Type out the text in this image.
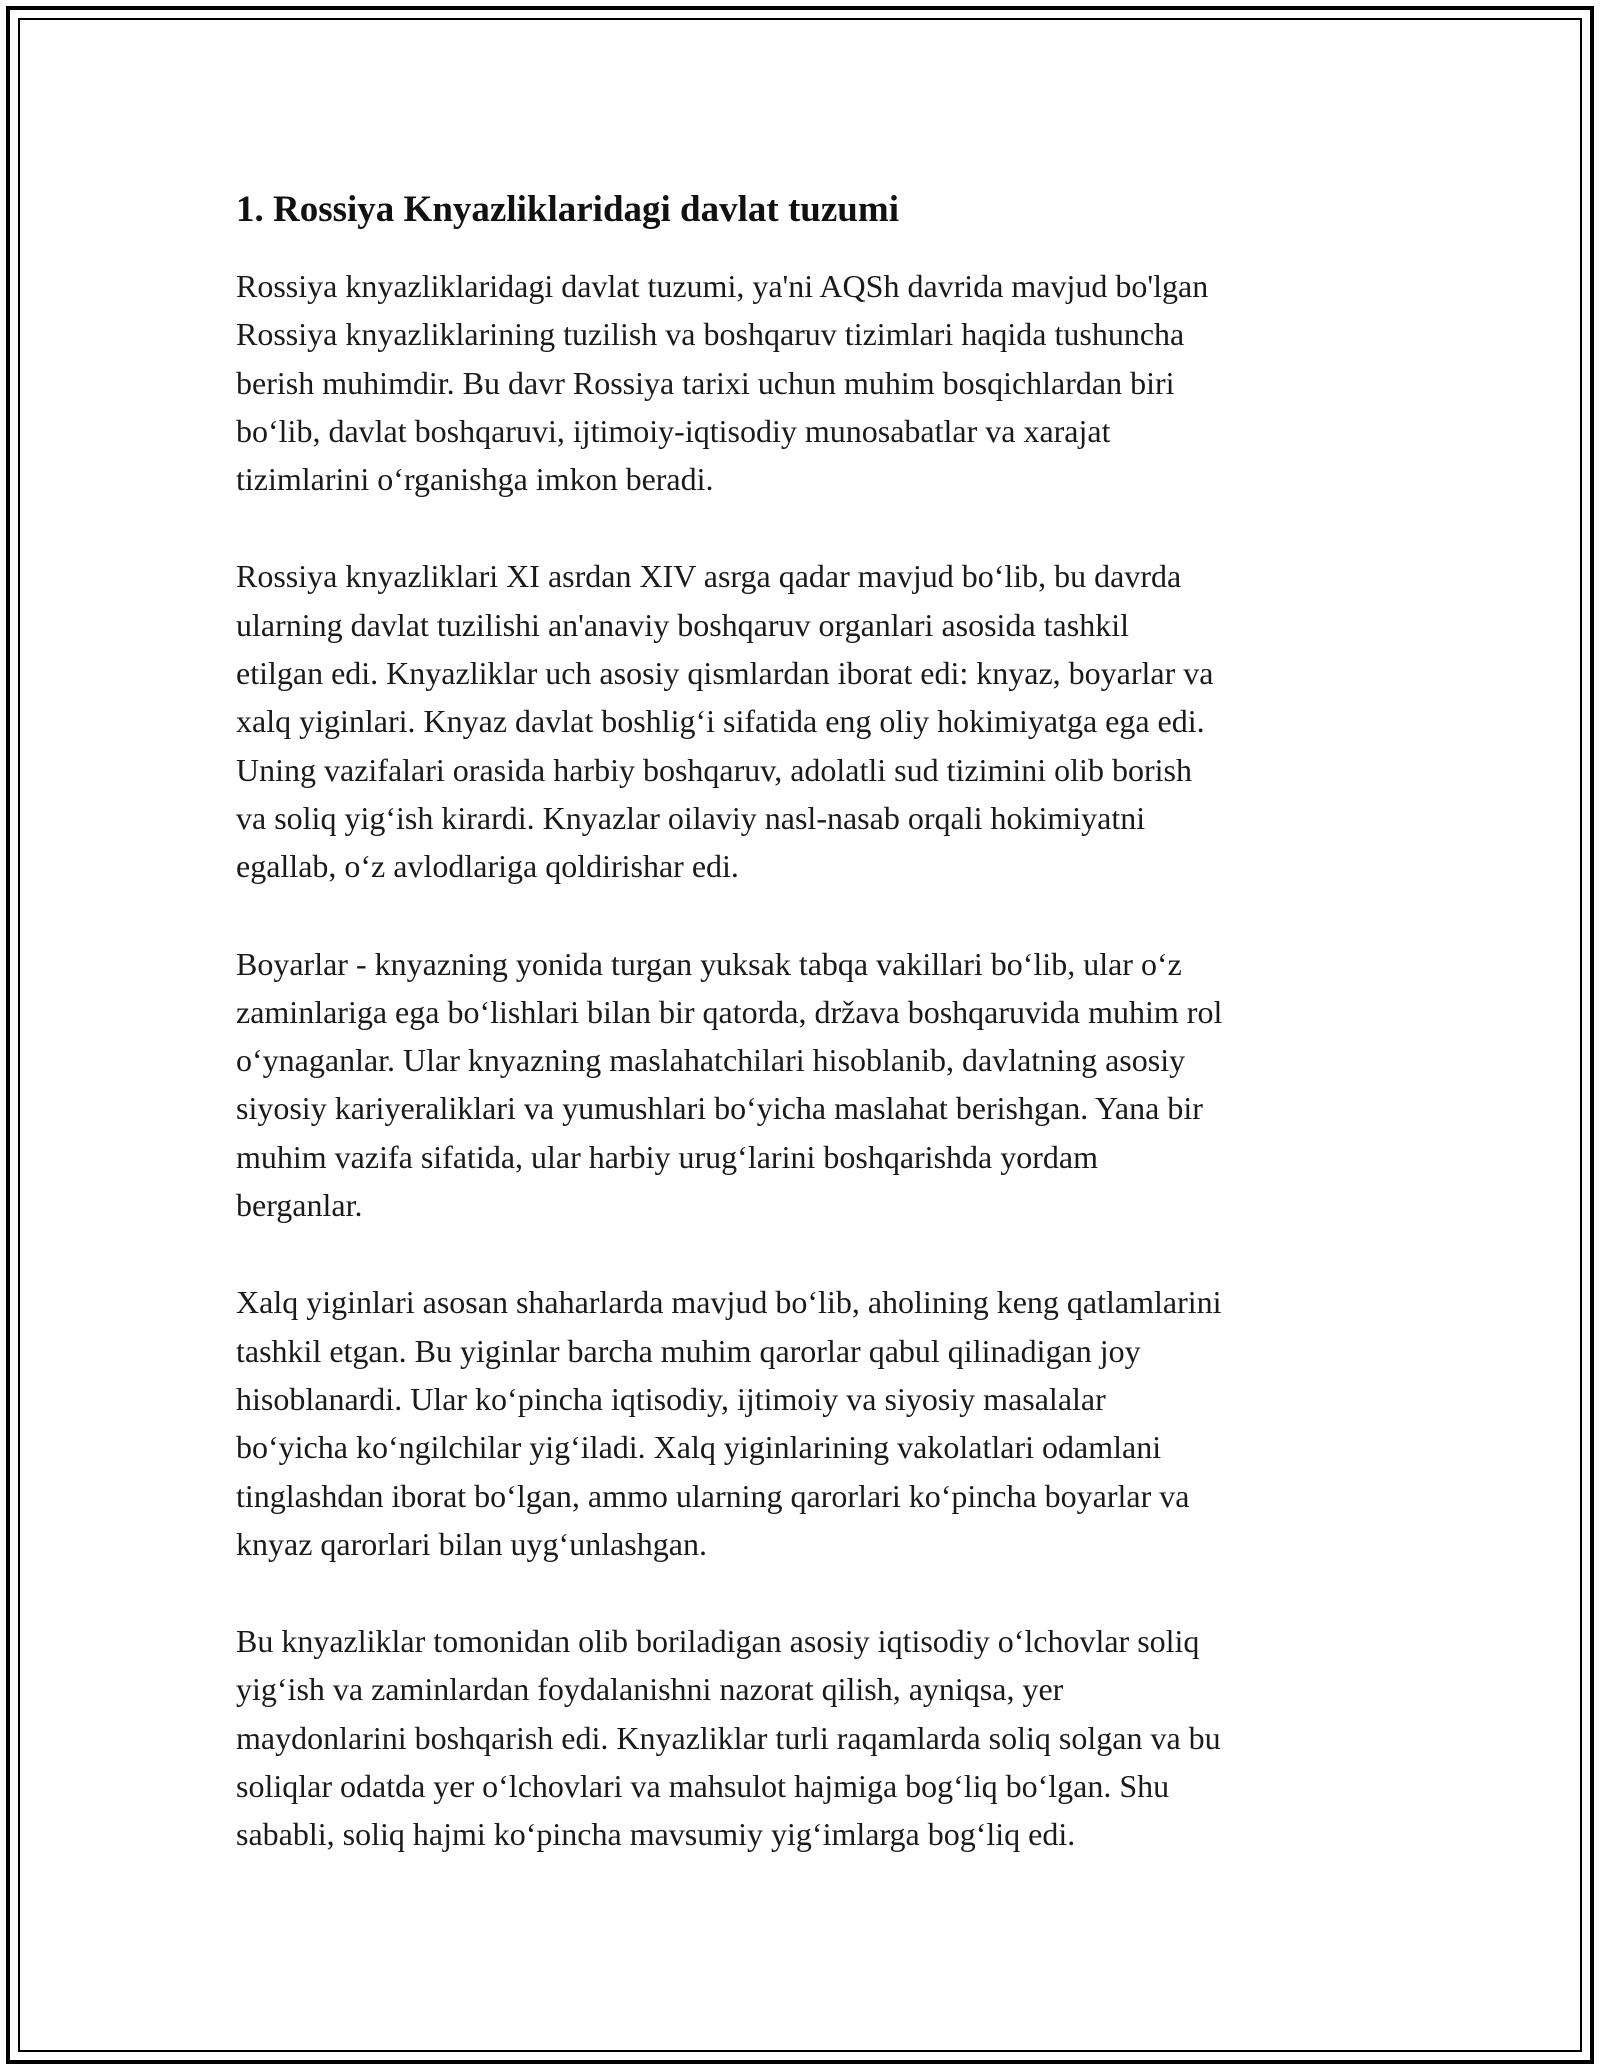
1. Rossiya Knyazliklaridagi davlat tuzumi

Rossiya knyazliklaridagi davlat tuzumi, ya'ni AQSh davrida mavjud bo'lgan
Rossiya knyazliklarining tuzilish va boshqaruv tizimlari haqida tushuncha
berish muhimdir. Bu davr Rossiya tarixi uchun muhim bosqichlardan biri
bo‘lib, davlat boshqaruvi, ijtimoiy-iqtisodiy munosabatlar va xarajat
tizimlarini o‘rganishga imkon beradi.

Rossiya knyazliklari XI asrdan XIV asrga qadar mavjud bo‘lib, bu davrda
ularning davlat tuzilishi an'anaviy boshqaruv organlari asosida tashkil
etilgan edi. Knyazliklar uch asosiy qismlardan iborat edi: knyaz, boyarlar va
xalq yiginlari. Knyaz davlat boshlig‘i sifatida eng oliy hokimiyatga ega edi.
Uning vazifalari orasida harbiy boshqaruv, adolatli sud tizimini olib borish
va soliq yig‘ish kirardi. Knyazlar oilaviy nasl-nasab orqali hokimiyatni
egallab, o‘z avlodlariga qoldirishar edi.

Boyarlar - knyazning yonida turgan yuksak tabqa vakillari bo‘lib, ular o‘z
zaminlariga ega bo‘lishlari bilan bir qatorda, država boshqaruvida muhim rol
o‘ynaganlar. Ular knyazning maslahatchilari hisoblanib, davlatning asosiy
siyosiy kariyeraliklari va yumushlari bo‘yicha maslahat berishgan. Yana bir
muhim vazifa sifatida, ular harbiy urug‘larini boshqarishda yordam
berganlar.

Xalq yiginlari asosan shaharlarda mavjud bo‘lib, aholining keng qatlamlarini
tashkil etgan. Bu yiginlar barcha muhim qarorlar qabul qilinadigan joy
hisoblanardi. Ular ko‘pincha iqtisodiy, ijtimoiy va siyosiy masalalar
bo‘yicha ko‘ngilchilar yig‘iladi. Xalq yiginlarining vakolatlari odamlani
tinglashdan iborat bo‘lgan, ammo ularning qarorlari ko‘pincha boyarlar va
knyaz qarorlari bilan uyg‘unlashgan.

Bu knyazliklar tomonidan olib boriladigan asosiy iqtisodiy o‘lchovlar soliq
yig‘ish va zaminlardan foydalanishni nazorat qilish, ayniqsa, yer
maydonlarini boshqarish edi. Knyazliklar turli raqamlarda soliq solgan va bu
soliqlar odatda yer o‘lchovlari va mahsulot hajmiga bog‘liq bo‘lgan. Shu
sababli, soliq hajmi ko‘pincha mavsumiy yig‘imlarga bog‘liq edi.
